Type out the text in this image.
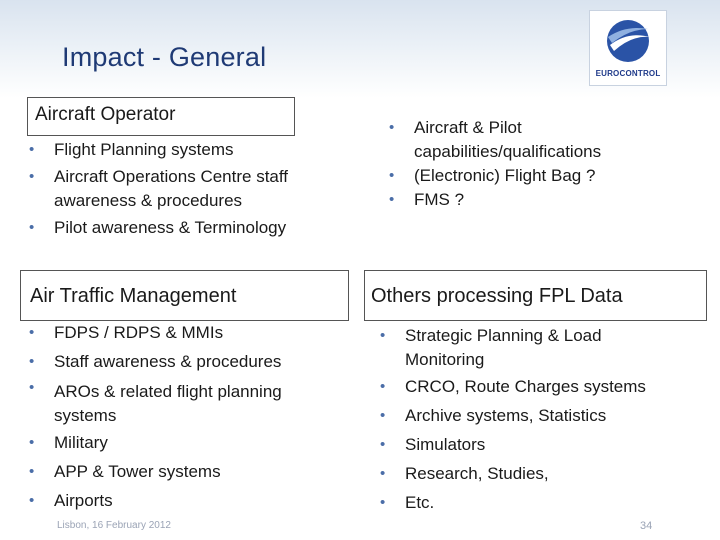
Impact - General
EUROCONTROL
Aircraft Operator
• Flight Planning systems
• Aircraft Operations Centre staff awareness & procedures
• Pilot awareness & Terminology
• Aircraft & Pilot capabilities/qualifications
• (Electronic) Flight Bag ?
• FMS ?
Air Traffic Management
• FDPS / RDPS & MMIs
• Staff awareness & procedures
• AROs & related flight planning systems
• Military
• APP & Tower systems
• Airports
Others processing FPL Data
• Strategic Planning & Load Monitoring
• CRCO, Route Charges systems
• Archive systems, Statistics
• Simulators
• Research, Studies,
• Etc.
Lisbon, 16 February 2012	34
